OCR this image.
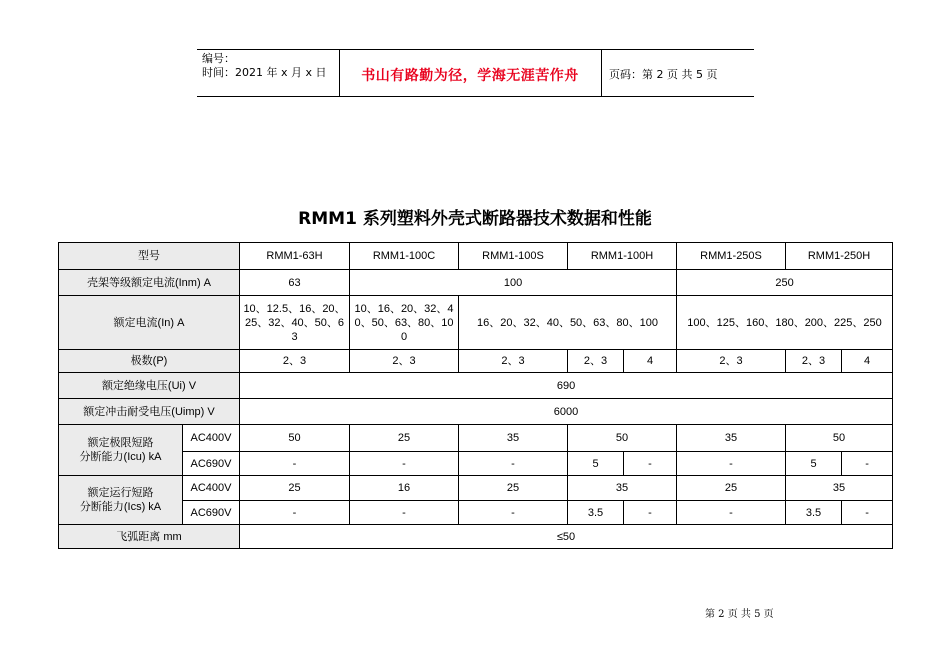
编号：
时间：2021 年 x 月 x 日	书山有路勤为径，学海无涯苦作舟	页码：第 2 页 共 5 页
RMM1 系列塑料外壳式断路器技术数据和性能
型号		RMM1-63H	RMM1-100C	RMM1-100S	RMM1-100H		RMM1-250S	RMM1-250H	
壳架等级额定电流(Inm) A		63	100				250		
额定电流(In) A		10、12.5、16、20、25、32、40、50、63	10、16、20、32、40、50、63、80、100	16、20、32、40、50、63、80、100			100、125、160、180、200、225、250		
极数(P)		2、3	2、3	2、3	2、3	4	2、3	2、3	4
额定绝缘电压(Ui) V		690							
额定冲击耐受电压(Uimp) V		6000							

额定极限短路
分断能力(Icu) kA	AC400V	50	25	35	50		35	50	
	AC690V	-	-	-	5	-	-	5	-

额定运行短路
分断能力(Ics) kA	AC400V	25	16	25	35		25	35	
	AC690V	-	-	-	3.5	-	-	3.5	-
飞弧距离 mm		≤50							
第 2 页 共 5 页
